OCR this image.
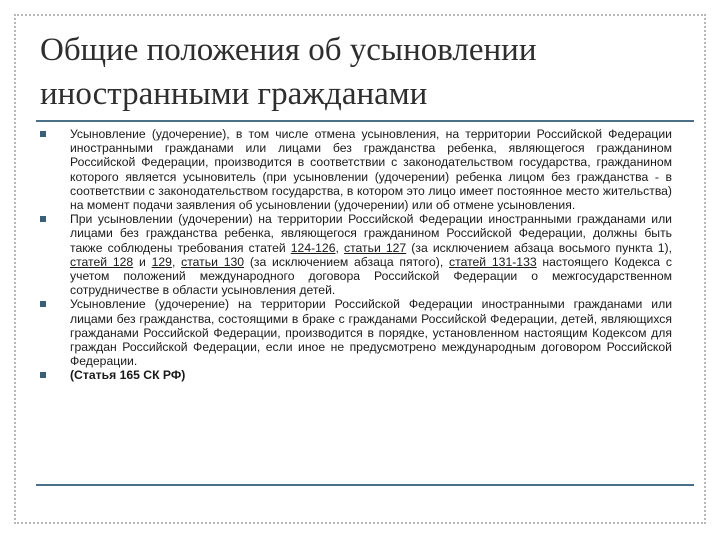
Общие положения об усыновлении иностранными гражданами
Усыновление (удочерение), в том числе отмена усыновления, на территории Российской Федерации иностранными гражданами или лицами без гражданства ребенка, являющегося гражданином Российской Федерации, производится в соответствии с законодательством государства, гражданином которого является усыновитель (при усыновлении (удочерении) ребенка лицом без гражданства - в соответствии с законодательством государства, в котором это лицо имеет постоянное место жительства) на момент подачи заявления об усыновлении (удочерении) или об отмене усыновления.
При усыновлении (удочерении) на территории Российской Федерации иностранными гражданами или лицами без гражданства ребенка, являющегося гражданином Российской Федерации, должны быть также соблюдены требования статей 124-126, статьи 127 (за исключением абзаца восьмого пункта 1), статей 128 и 129, статьи 130 (за исключением абзаца пятого), статей 131-133 настоящего Кодекса с учетом положений международного договора Российской Федерации о межгосударственном сотрудничестве в области усыновления детей.
Усыновление (удочерение) на территории Российской Федерации иностранными гражданами или лицами без гражданства, состоящими в браке с гражданами Российской Федерации, детей, являющихся гражданами Российской Федерации, производится в порядке, установленном настоящим Кодексом для граждан Российской Федерации, если иное не предусмотрено международным договором Российской Федерации.
(Статья 165 СК РФ)
